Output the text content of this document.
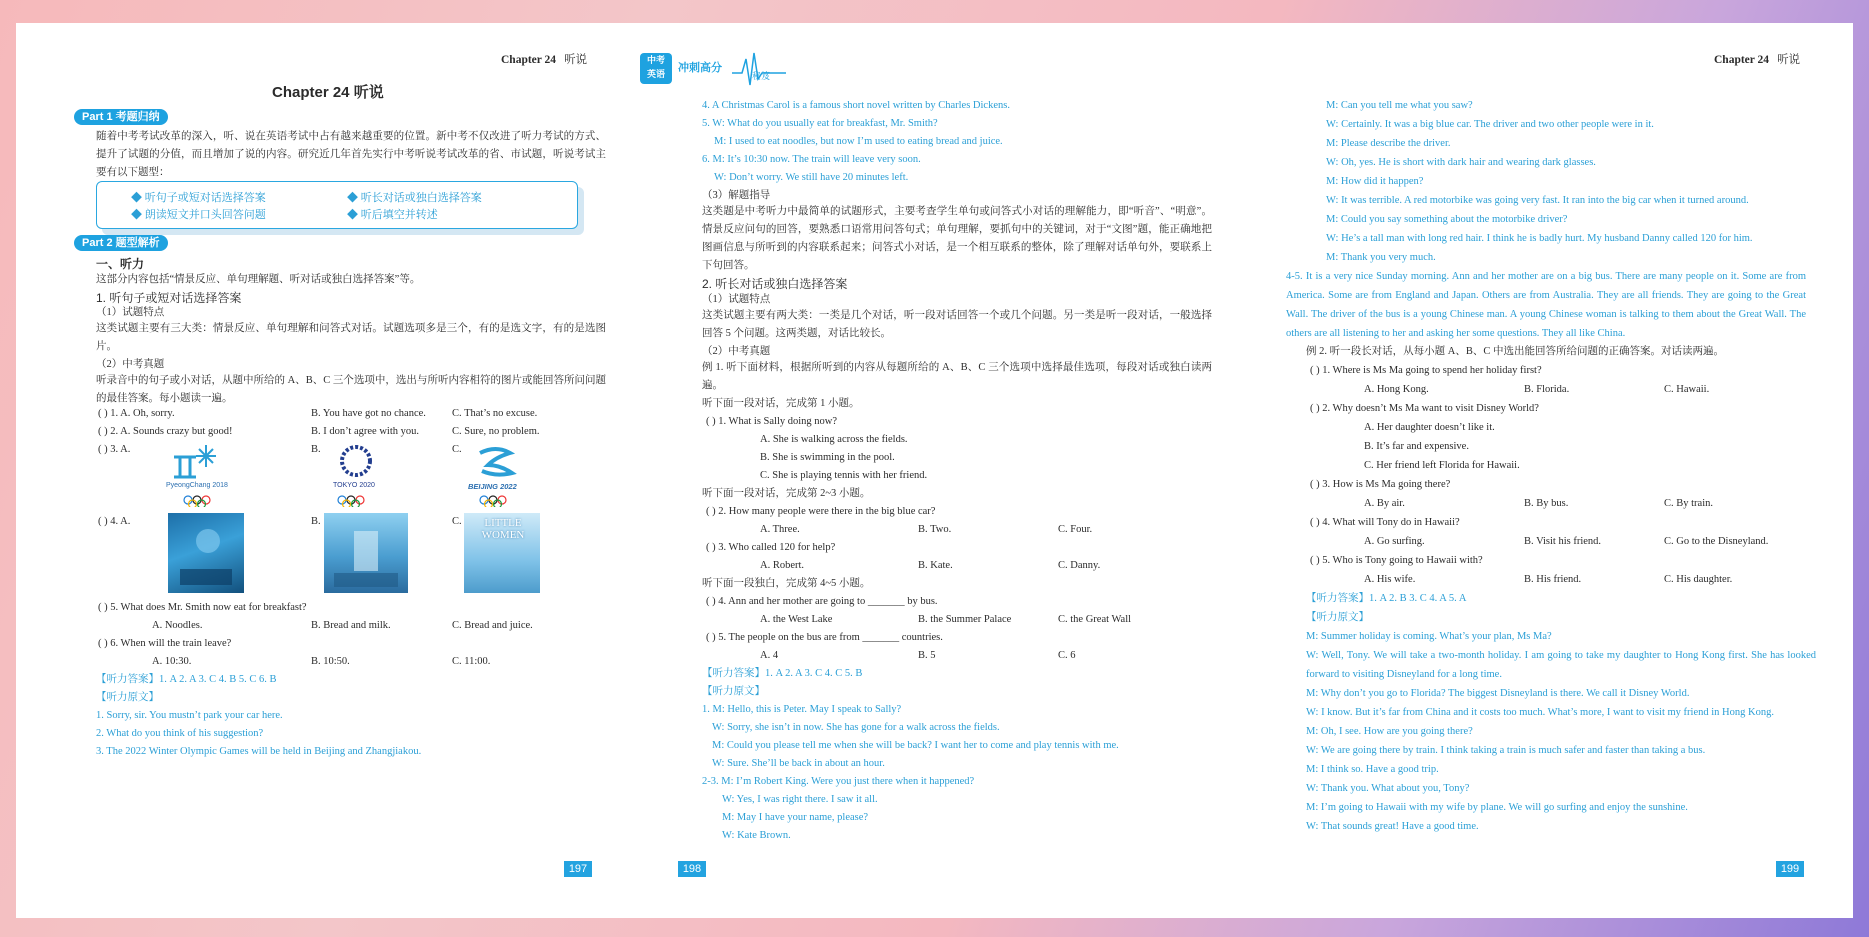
Chapter 24 听说
Chapter 24 听说
Part 1 考题归纳
随着中考考试改革的深入，听、说在英语考试中占有越来越重要的位置。新中考不仅改进了听力考试的方式、提升了试题的分值，而且增加了说的内容。研究近几年首先实行中考听说考试改革的省、市试题，听说考试主要有以下题型：
◆ 听句子或短对话选择答案	◆ 听长对话或独白选择答案
◆ 朗读短文并口头回答问题	◆ 听后填空并转述
Part 2 题型解析
一、听力
这部分内容包括“情景反应、单句理解题、听对话或独白选择答案”等。
1. 听句子或短对话选择答案
（1）试题特点
这类试题主要有三大类：情景反应、单句理解和问答式对话。试题选项多是三个，有的是选文字，有的是选图片。
（2）中考真题
听录音中的句子或小对话，从题中所给的 A、B、C 三个选项中，选出与所听内容相符的图片或能回答所问问题的最佳答案。每小题读一遍。
( ) 1. A. Oh, sorry.	B. You have got no chance. C. That’s no excuse.
( ) 2. A. Sounds crazy but good!	B. I don’t agree with you.	C. Sure, no problem.
( ) 3. A.	B.	C.
PyeongChang 2018	TOKYO 2020	BEIJING 2022
( ) 4. A.	B.	C.	LITTLE WOMEN
( ) 5. What does Mr. Smith now eat for breakfast?
A. Noodles.	B. Bread and milk.	C. Bread and juice.
( ) 6. When will the train leave?
A. 10:30.	B. 10:50.	C. 11:00.
【听力答案】1. A 2. A 3. C 4. B 5. C 6. B
【听力原文】
1. Sorry, sir. You mustn’t park your car here.
2. What do you think of his suggestion?
3. The 2022 Winter Olympic Games will be held in Beijing and Zhangjiakou.
197
中考
英语
冲刺高分
秘笈
4. A Christmas Carol is a famous short novel written by Charles Dickens.
5. W: What do you usually eat for breakfast, Mr. Smith?
M: I used to eat noodles, but now I’m used to eating bread and juice.
6. M: It’s 10:30 now. The train will leave very soon.
W: Don’t worry. We still have 20 minutes left.
（3）解题指导
这类题是中考听力中最简单的试题形式，主要考查学生单句或问答式小对话的理解能力，即“听音”、“明意”。情景反应问句的回答，要熟悉口语常用问答句式；单句理解，要抓句中的关键词，对于“文图”题，能正确地把图画信息与所听到的内容联系起来；问答式小对话，是一个相互联系的整体，除了理解对话单句外，要联系上下句回答。
2. 听长对话或独白选择答案
（1）试题特点
这类试题主要有两大类：一类是几个对话，听一段对话回答一个或几个问题。另一类是听一段对话，一般选择回答 5 个问题。这两类题，对话比较长。
（2）中考真题
例 1. 听下面材料，根据所听到的内容从每题所给的 A、B、C 三个选项中选择最佳选项，每段对话或独白读两遍。
听下面一段对话，完成第 1 小题。
( ) 1. What is Sally doing now?
A. She is walking across the fields.
B. She is swimming in the pool.
C. She is playing tennis with her friend.
听下面一段对话，完成第 2~3 小题。
( ) 2. How many people were there in the big blue car?
A. Three.	B. Two.	C. Four.
( ) 3. Who called 120 for help?
A. Robert.	B. Kate.	C. Danny.
听下面一段独白，完成第 4~5 小题。
( ) 4. Ann and her mother are going to _______ by bus.
A. the West Lake	B. the Summer Palace	C. the Great Wall
( ) 5. The people on the bus are from _______ countries.
A. 4	B. 5	C. 6
【听力答案】1. A 2. A 3. C 4. C 5. B
【听力原文】
1. M: Hello, this is Peter. May I speak to Sally?
W: Sorry, she isn’t in now. She has gone for a walk across the fields.
M: Could you please tell me when she will be back? I want her to come and play tennis with me.
W: Sure. She’ll be back in about an hour.
2-3. M: I’m Robert King. Were you just there when it happened?
W: Yes, I was right there. I saw it all.
M: May I have your name, please?
W: Kate Brown.
198
Chapter 24 听说
M: Can you tell me what you saw?
W: Certainly. It was a big blue car. The driver and two other people were in it.
M: Please describe the driver.
W: Oh, yes. He is short with dark hair and wearing dark glasses.
M: How did it happen?
W: It was terrible. A red motorbike was going very fast. It ran into the big car when it turned around.
M: Could you say something about the motorbike driver?
W: He’s a tall man with long red hair. I think he is badly hurt. My husband Danny called 120 for him.
M: Thank you very much.
4-5. It is a very nice Sunday morning. Ann and her mother are on a big bus. There are many people on it. Some are from America. Some are from England and Japan. Others are from Australia. They are all friends. They are going to the Great Wall. The driver of the bus is a young Chinese man. A young Chinese woman is talking to them about the Great Wall. The others are all listening to her and asking her some questions. They all like China.
例 2. 听一段长对话，从每小题 A、B、C 中选出能回答所给问题的正确答案。对话读两遍。
( ) 1. Where is Ms Ma going to spend her holiday first?
A. Hong Kong.	B. Florida.	C. Hawaii.
( ) 2. Why doesn’t Ms Ma want to visit Disney World?
A. Her daughter doesn’t like it.
B. It’s far and expensive.
C. Her friend left Florida for Hawaii.
( ) 3. How is Ms Ma going there?
A. By air.	B. By bus.	C. By train.
( ) 4. What will Tony do in Hawaii?
A. Go surfing.	B. Visit his friend.	C. Go to the Disneyland.
( ) 5. Who is Tony going to Hawaii with?
A. His wife.	B. His friend.	C. His daughter.
【听力答案】1. A 2. B 3. C 4. A 5. A
【听力原文】
M: Summer holiday is coming. What’s your plan, Ms Ma?
W: Well, Tony. We will take a two-month holiday. I am going to take my daughter to Hong Kong first. She has looked forward to visiting Disneyland for a long time.
M: Why don’t you go to Florida? The biggest Disneyland is there. We call it Disney World.
W: I know. But it’s far from China and it costs too much. What’s more, I want to visit my friend in Hong Kong.
M: Oh, I see. How are you going there?
W: We are going there by train. I think taking a train is much safer and faster than taking a bus.
M: I think so. Have a good trip.
W: Thank you. What about you, Tony?
M: I’m going to Hawaii with my wife by plane. We will go surfing and enjoy the sunshine.
W: That sounds great! Have a good time.
199
